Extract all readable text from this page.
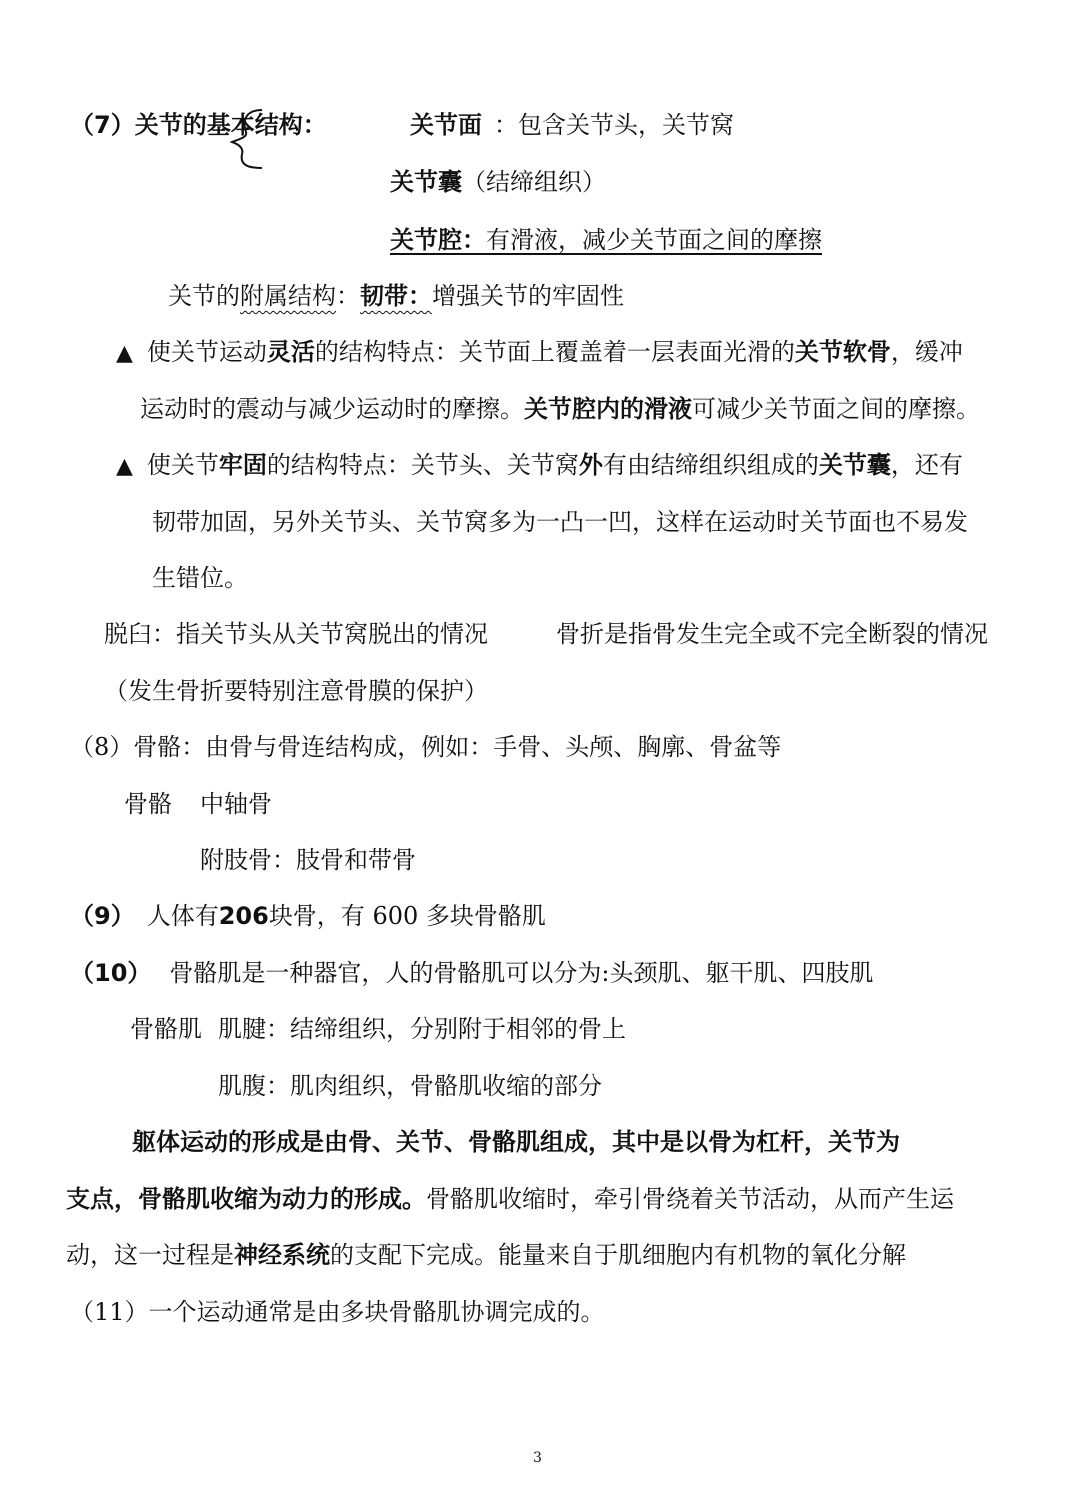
（7）关节的基本结构：	关节面 ：包含关节头，关节窝
关节囊（结缔组织）
关节腔：有滑液，减少关节面之间的摩擦
关节的附属结构：韧带：增强关节的牢固性
▲ 使关节运动灵活的结构特点：关节面上覆盖着一层表面光滑的关节软骨，缓冲
运动时的震动与减少运动时的摩擦。关节腔内的滑液可减少关节面之间的摩擦。
▲ 使关节牢固的结构特点：关节头、关节窝外有由结缔组织组成的关节囊，还有
韧带加固，另外关节头、关节窝多为一凸一凹，这样在运动时关节面也不易发
生错位。
脱臼：指关节头从关节窝脱出的情况	骨折是指骨发生完全或不完全断裂的情况
（发生骨折要特别注意骨膜的保护）
（8）骨骼：由骨与骨连结构成，例如：手骨、头颅、胸廓、骨盆等
骨骼 中轴骨
附肢骨：肢骨和带骨
（9） 人体有206块骨，有 600 多块骨骼肌
（10） 骨骼肌是一种器官，人的骨骼肌可以分为:头颈肌、躯干肌、四肢肌
骨骼肌 肌腱：结缔组织，分别附于相邻的骨上
肌腹：肌肉组织，骨骼肌收缩的部分
躯体运动的形成是由骨、关节、骨骼肌组成，其中是以骨为杠杆，关节为
支点，骨骼肌收缩为动力的形成。骨骼肌收缩时，牵引骨绕着关节活动，从而产生运
动，这一过程是神经系统的支配下完成。能量来自于肌细胞内有机物的氧化分解
（11）一个运动通常是由多块骨骼肌协调完成的。
3
